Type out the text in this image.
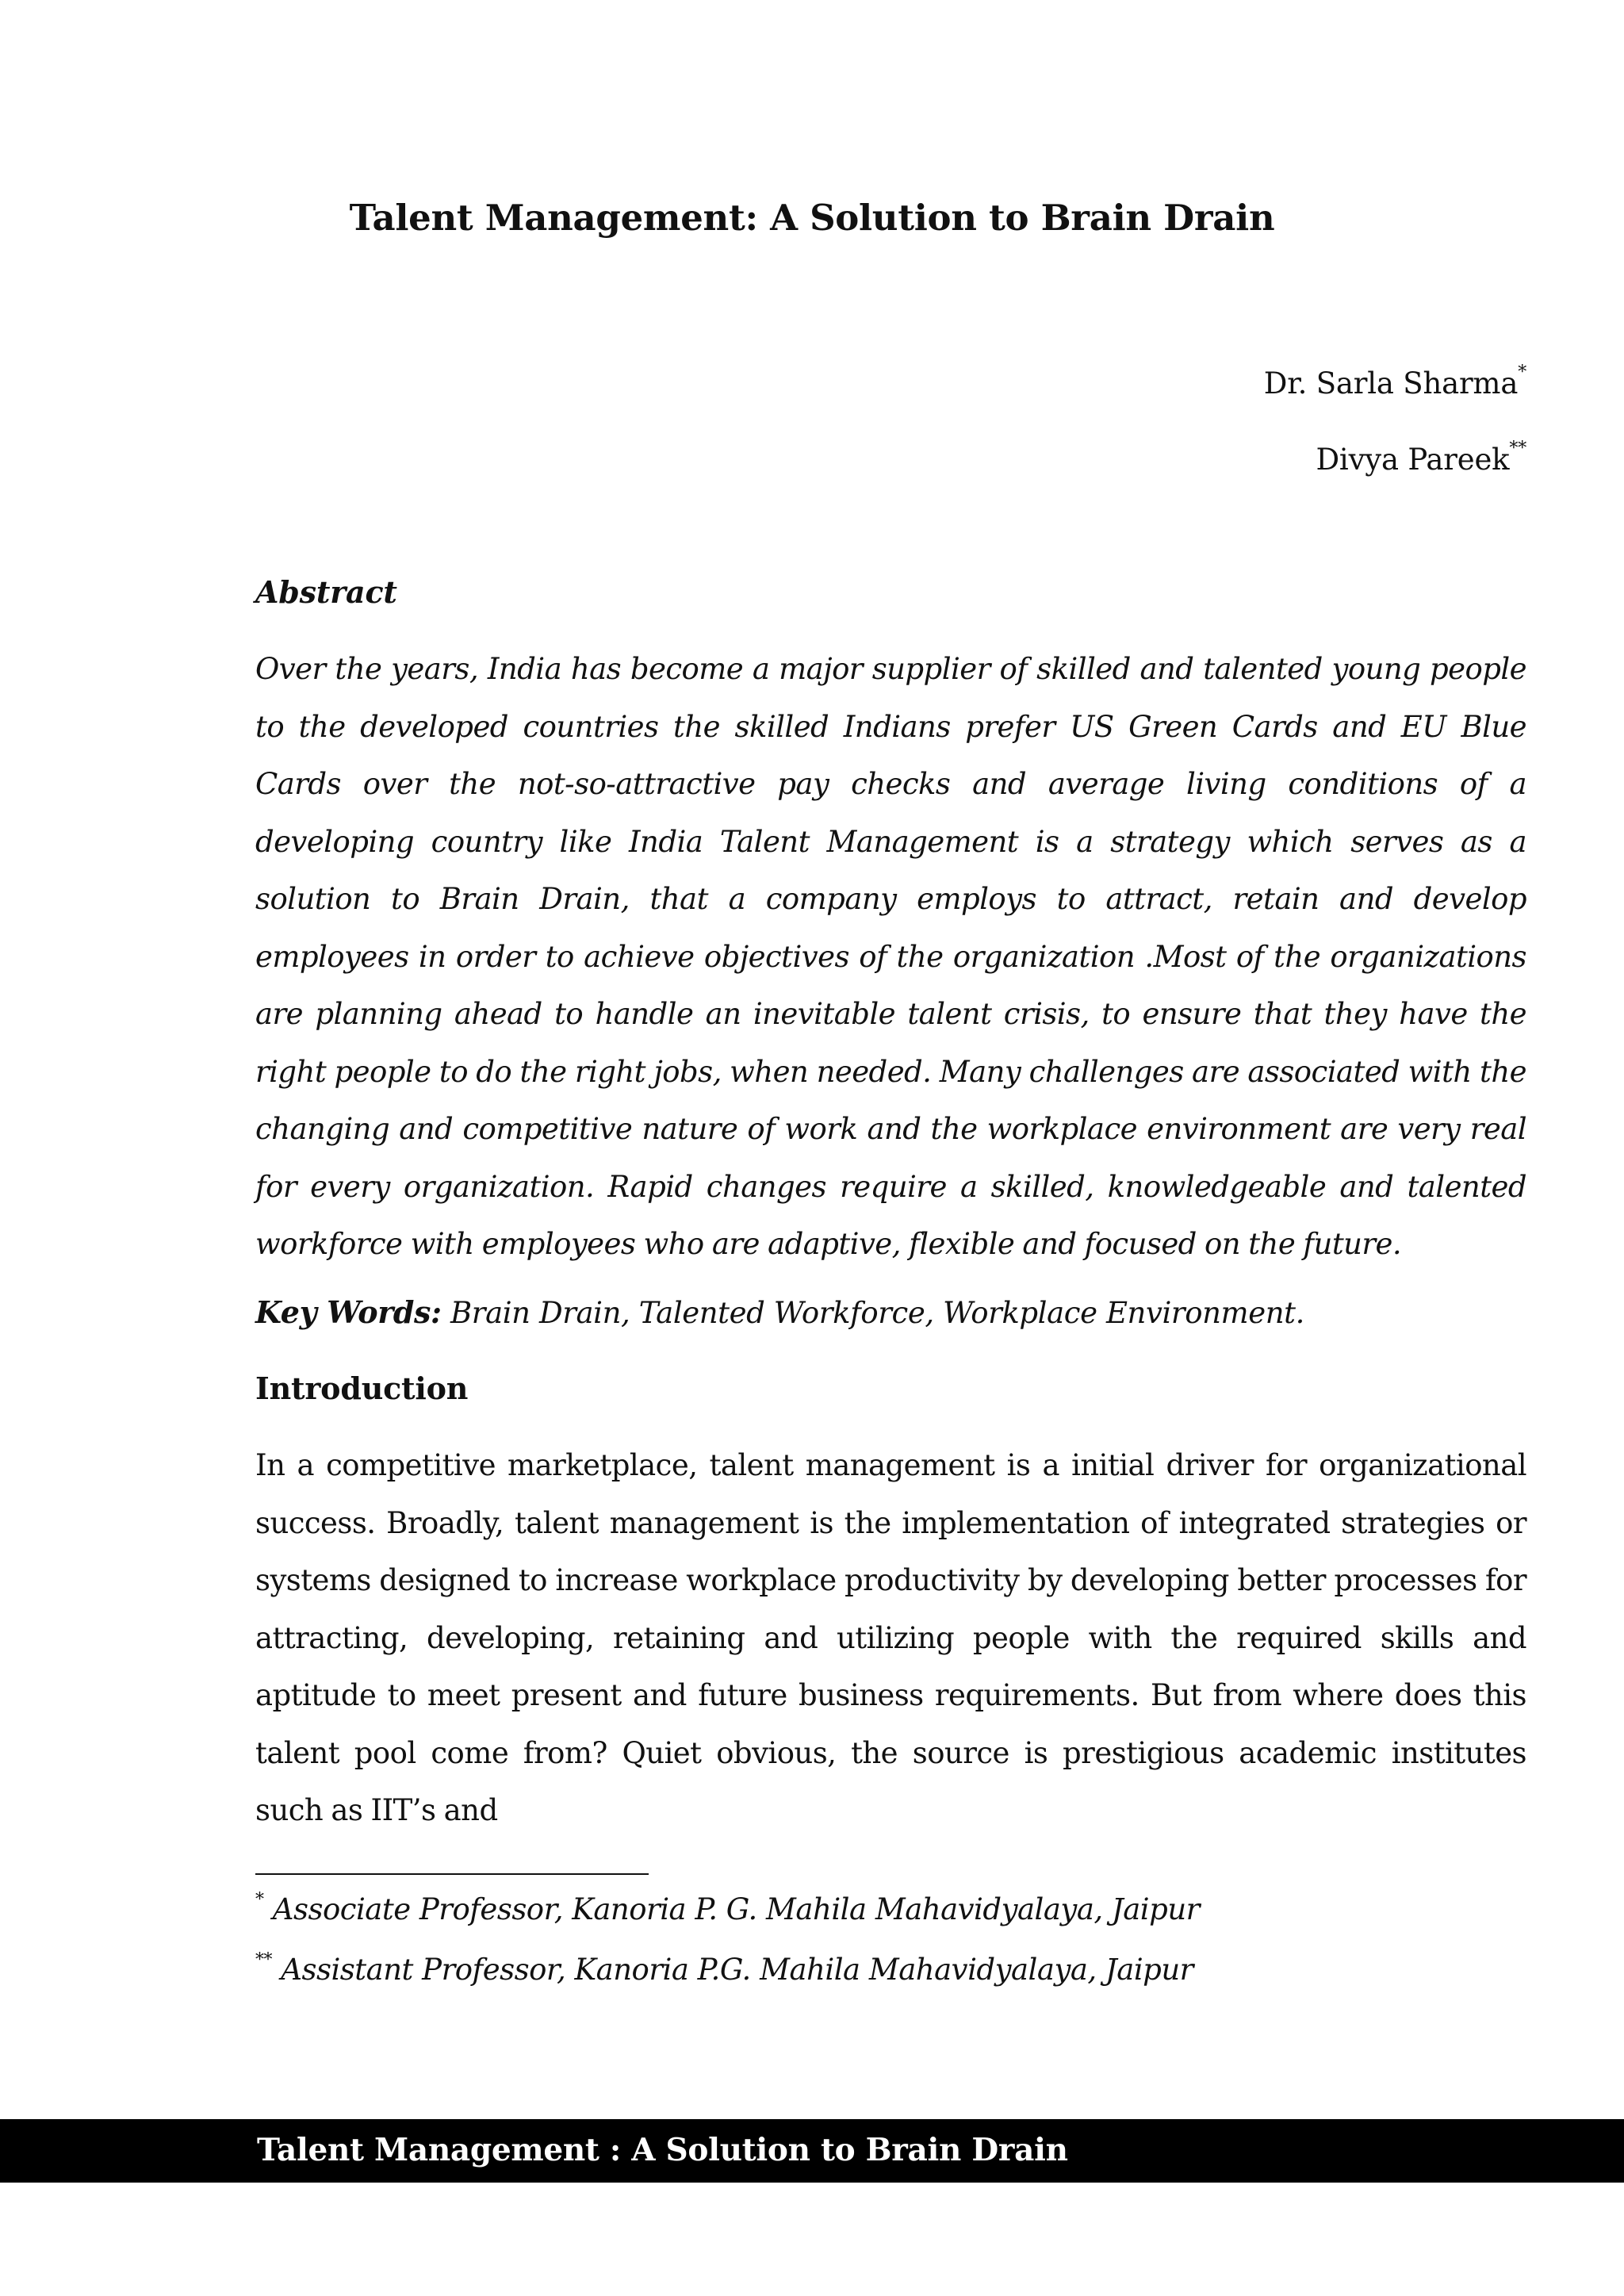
Talent Management: A Solution to Brain Drain
Dr. Sarla Sharma*
Divya Pareek**
Abstract

Over the years, India has become a major supplier of skilled and talented young people to the developed countries the skilled Indians prefer US Green Cards and EU Blue Cards over the not-so-attractive pay checks and average living conditions of a developing country like India Talent Management is a strategy which serves as a solution to Brain Drain, that a company employs to attract, retain and develop employees in order to achieve objectives of the organization .Most of the organizations are planning ahead to handle an inevitable talent crisis, to ensure that they have the right people to do the right jobs, when needed. Many challenges are associated with the changing and competitive nature of work and the workplace environment are very real for every organization. Rapid changes require a skilled, knowledgeable and talented workforce with employees who are adaptive, flexible and focused on the future.

Key Words: Brain Drain, Talented Workforce, Workplace Environment.
Introduction

In a competitive marketplace, talent management is a initial driver for organizational success. Broadly, talent management is the implementation of integrated strategies or systems designed to increase workplace productivity by developing better processes for attracting, developing, retaining and utilizing people with the required skills and aptitude to meet present and future business requirements. But from where does this talent pool come from? Quiet obvious, the source is prestigious academic institutes such as IIT’s and

* Associate Professor, Kanoria P. G. Mahila Mahavidyalaya, Jaipur
** Assistant Professor, Kanoria P.G. Mahila Mahavidyalaya, Jaipur
Talent Management : A Solution to Brain Drain
